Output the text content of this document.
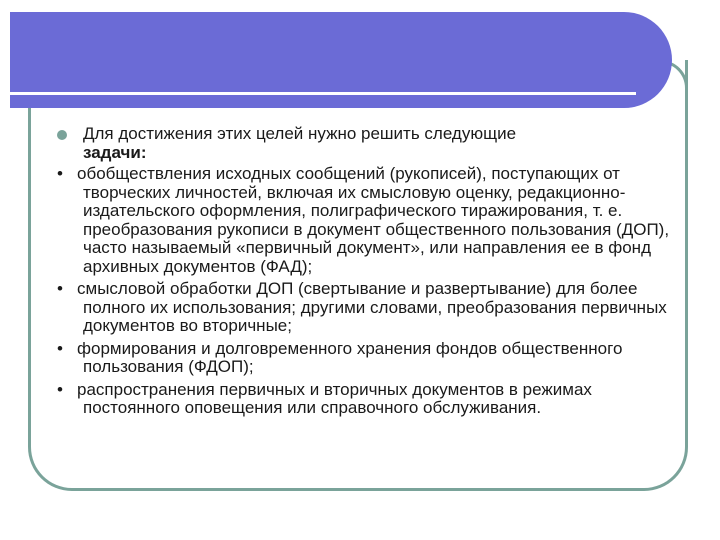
Для достижения этих целей нужно решить следующие
задачи:
• обобществления исходных сообщений (рукописей), поступающих от творческих личностей, включая их смысловую оценку, редакционно-издательского оформления, полиграфического тиражирования, т. е. преобразования рукописи в документ общественного пользования (ДОП), часто называемый «первичный документ», или направления ее в фонд архивных документов (ФАД);
• смысловой обработки ДОП (свертывание и развертывание) для более полного их использования; другими словами, преобразования первичных документов во вторичные;
• формирования и долговременного хранения фондов общественного пользования (ФДОП);
• распространения первичных и вторичных документов в режимах постоянного оповещения или справочного обслуживания.
